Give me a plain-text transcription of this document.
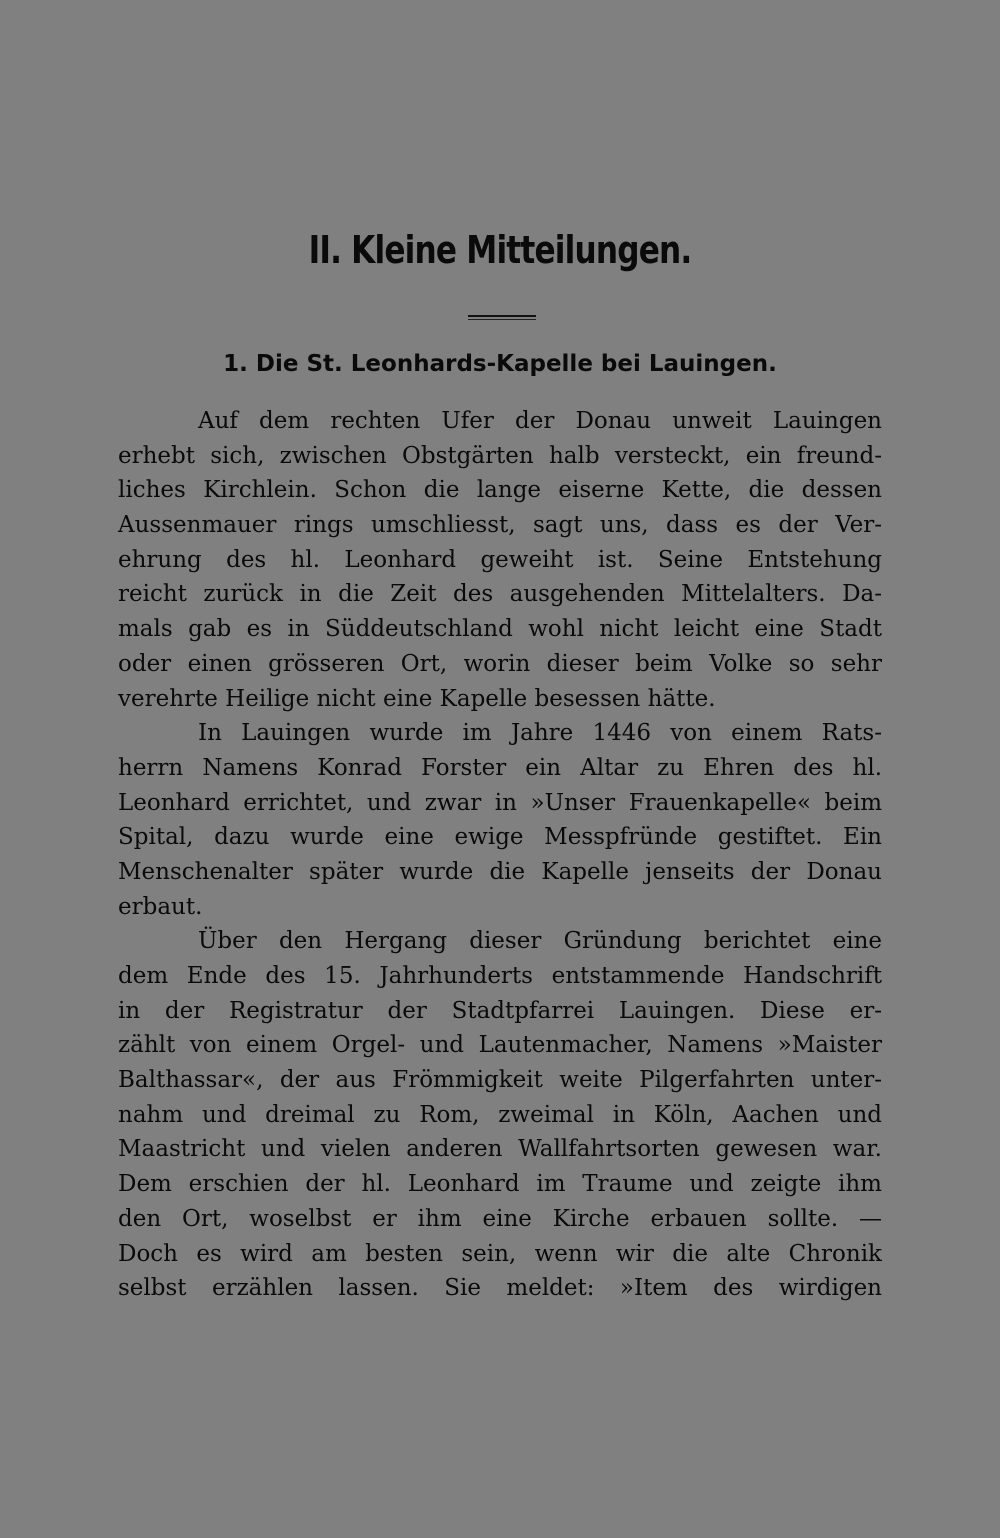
II. Kleine Mitteilungen.
1. Die St. Leonhards-Kapelle bei Lauingen.
Auf dem rechten Ufer der Donau unweit Lauingen
erhebt sich, zwischen Obstgärten halb versteckt, ein freund-
liches Kirchlein. Schon die lange eiserne Kette, die dessen
Aussenmauer rings umschliesst, sagt uns, dass es der Ver-
ehrung des hl. Leonhard geweiht ist. Seine Entstehung
reicht zurück in die Zeit des ausgehenden Mittelalters. Da-
mals gab es in Süddeutschland wohl nicht leicht eine Stadt
oder einen grösseren Ort, worin dieser beim Volke so sehr
verehrte Heilige nicht eine Kapelle besessen hätte.
In Lauingen wurde im Jahre 1446 von einem Rats-
herrn Namens Konrad Forster ein Altar zu Ehren des hl.
Leonhard errichtet, und zwar in »Unser Frauenkapelle« beim
Spital, dazu wurde eine ewige Messpfründe gestiftet. Ein
Menschenalter später wurde die Kapelle jenseits der Donau
erbaut.
Über den Hergang dieser Gründung berichtet eine
dem Ende des 15. Jahrhunderts entstammende Handschrift
in der Registratur der Stadtpfarrei Lauingen. Diese er-
zählt von einem Orgel- und Lautenmacher, Namens »Maister
Balthassar«, der aus Frömmigkeit weite Pilgerfahrten unter-
nahm und dreimal zu Rom, zweimal in Köln, Aachen und
Maastricht und vielen anderen Wallfahrtsorten gewesen war.
Dem erschien der hl. Leonhard im Traume und zeigte ihm
den Ort, woselbst er ihm eine Kirche erbauen sollte. —
Doch es wird am besten sein, wenn wir die alte Chronik
selbst erzählen lassen. Sie meldet: »Item des wirdigen
